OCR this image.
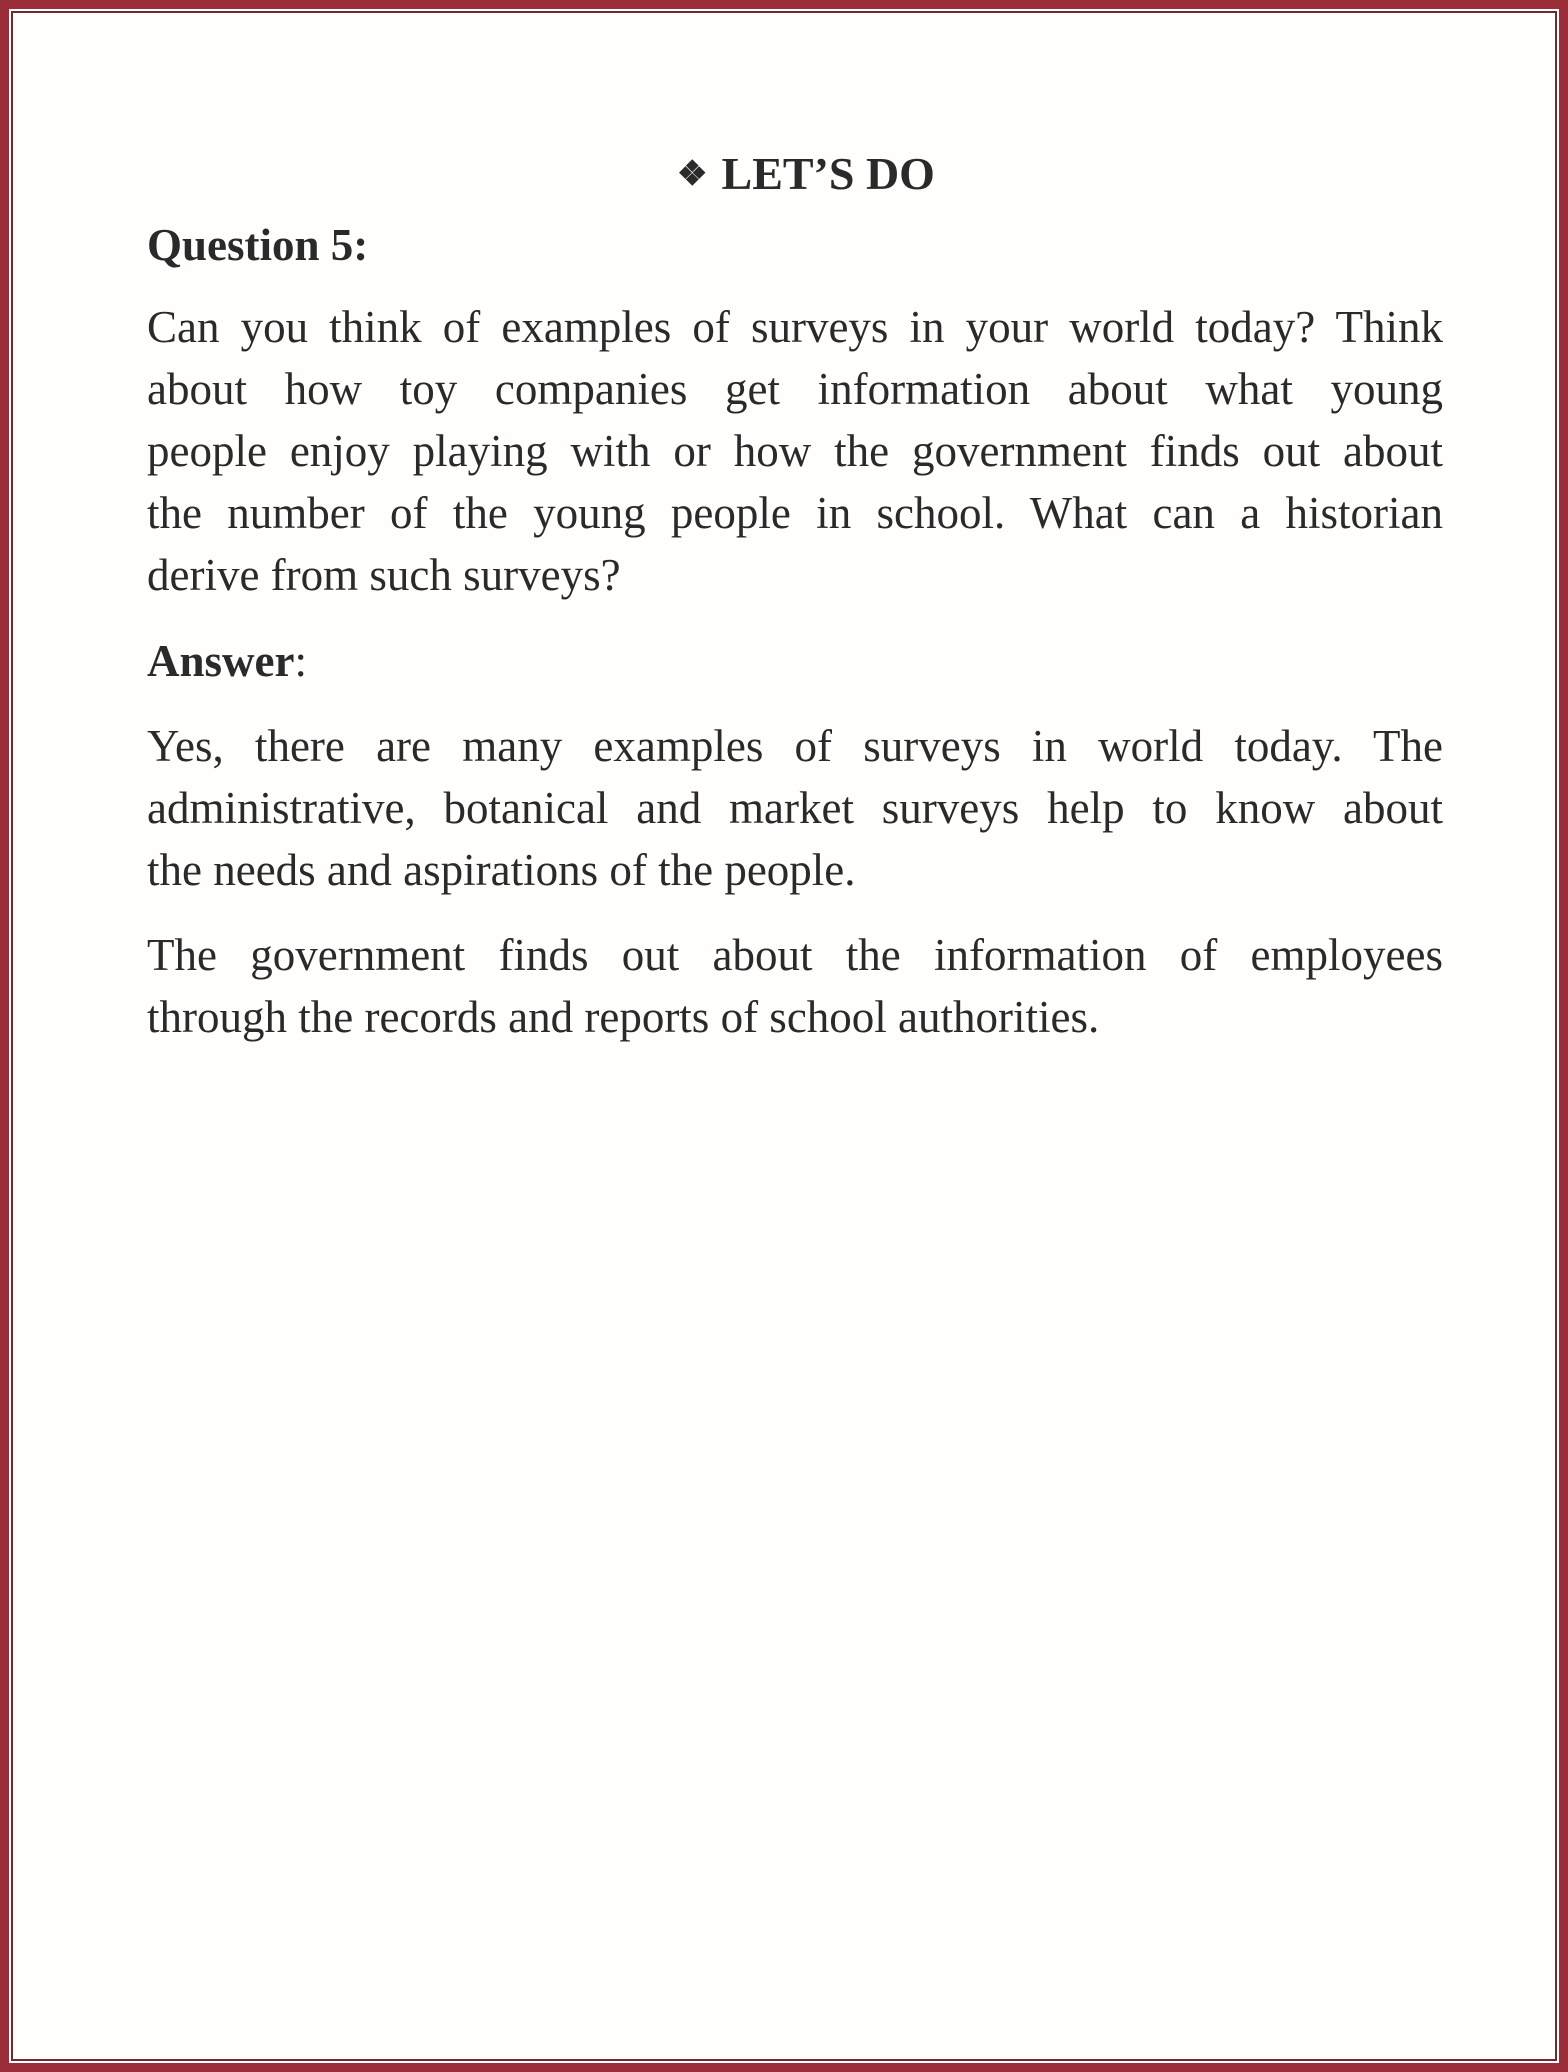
❖ LET’S DO
Question 5:
Can you think of examples of surveys in your world today? Think
about how toy companies get information about what young
people enjoy playing with or how the government finds out about
the number of the young people in school. What can a historian
derive from such surveys?
Answer:
Yes, there are many examples of surveys in world today. The
administrative, botanical and market surveys help to know about
the needs and aspirations of the people.
The government finds out about the information of employees
through the records and reports of school authorities.
